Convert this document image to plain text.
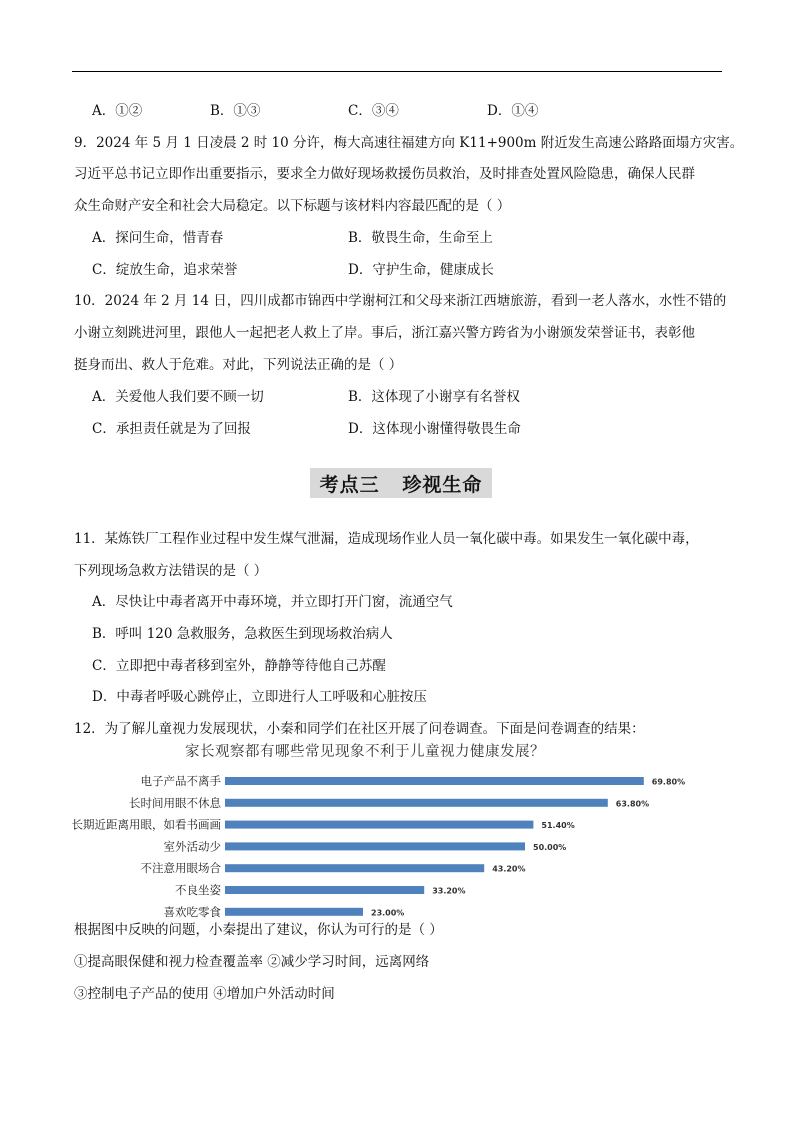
A．①②	B．①③	C．③④	D．①④
9．2024 年 5 月 1 日凌晨 2 时 10 分许，梅大高速往福建方向 K11+900m 附近发生高速公路路面塌方灾害。
习近平总书记立即作出重要指示，要求全力做好现场救援伤员救治，及时排查处置风险隐患，确保人民群
众生命财产安全和社会大局稳定。以下标题与该材料内容最匹配的是（ ）
A．探问生命，惜青春	B．敬畏生命，生命至上
C．绽放生命，追求荣誉	D．守护生命，健康成长
10．2024 年 2 月 14 日，四川成都市锦西中学谢柯江和父母来浙江西塘旅游，看到一老人落水，水性不错的
小谢立刻跳进河里，跟他人一起把老人救上了岸。事后，浙江嘉兴警方跨省为小谢颁发荣誉证书，表彰他
挺身而出、救人于危难。对此，下列说法正确的是（ ）
A．关爱他人我们要不顾一切	B．这体现了小谢享有名誉权
C．承担责任就是为了回报	D．这体现小谢懂得敬畏生命
考点三   珍视生命
11．某炼铁厂工程作业过程中发生煤气泄漏，造成现场作业人员一氧化碳中毒。如果发生一氧化碳中毒，
下列现场急救方法错误的是（ ）
A．尽快让中毒者离开中毒环境，并立即打开门窗，流通空气
B．呼叫 120 急救服务，急救医生到现场救治病人
C．立即把中毒者移到室外，静静等待他自己苏醒
D．中毒者呼吸心跳停止，立即进行人工呼吸和心脏按压
12．为了解儿童视力发展现状，小秦和同学们在社区开展了问卷调查。下面是问卷调查的结果：
家长观察都有哪些常见现象不利于儿童视力健康发展？
电子产品不离手	69.80%
长时间用眼不休息	63.80%
长期近距离用眼，如看书画画	51.40%
室外活动少	50.00%
不注意用眼场合	43.20%
不良坐姿	33.20%
喜欢吃零食	23.00%
根据图中反映的问题，小秦提出了建议，你认为可行的是（ ）
①提高眼保健和视力检查覆盖率 ②减少学习时间，远离网络
③控制电子产品的使用 ④增加户外活动时间
